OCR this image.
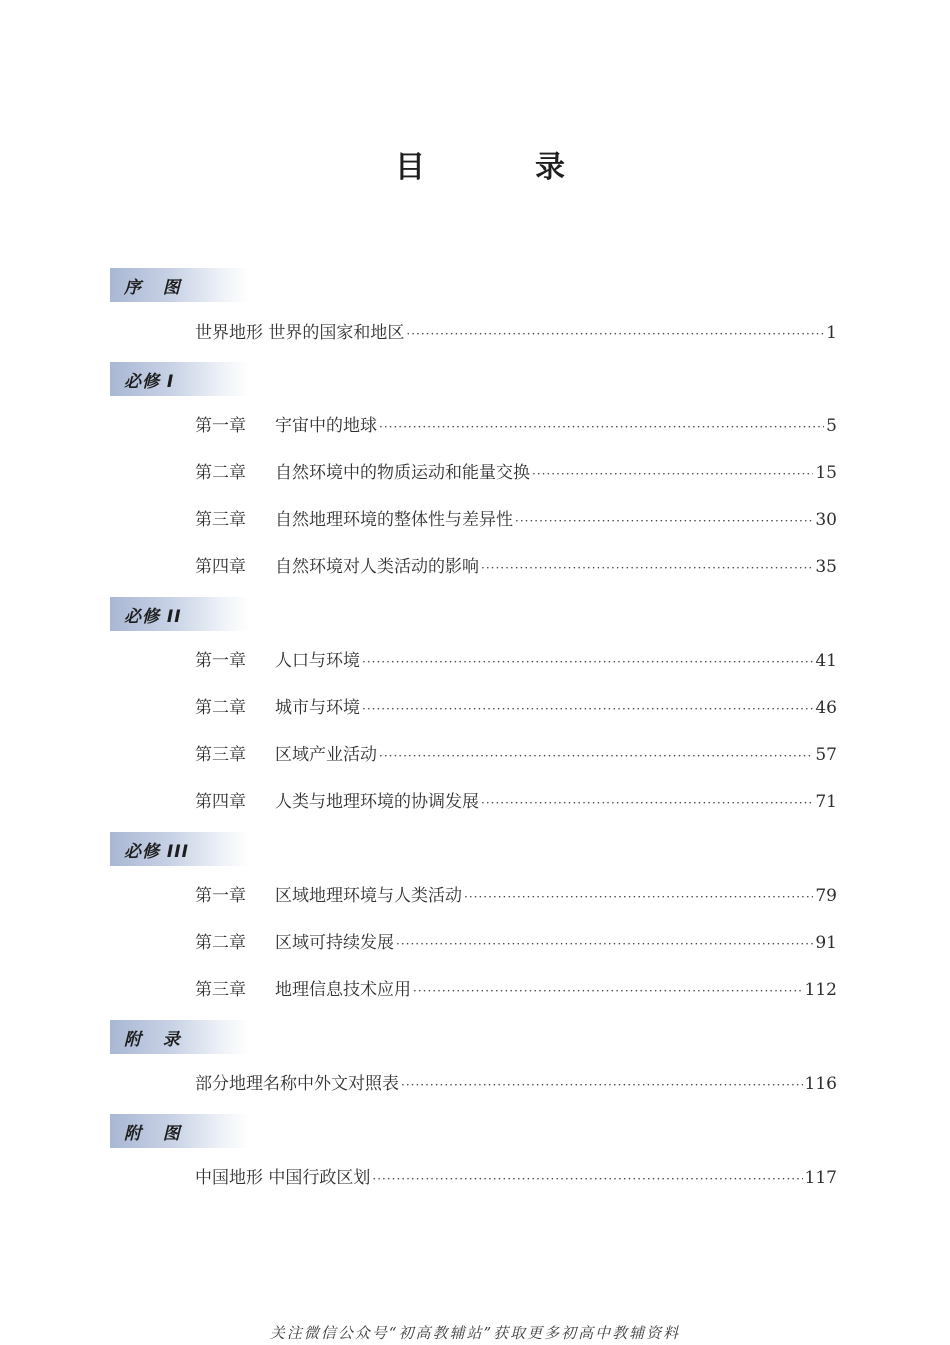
目	录
序   图
世界地形 世界的国家和地区 ·····	1
必修 I
第一章	宇宙中的地球 ·····	5
第二章	自然环境中的物质运动和能量交换 ·····	15
第三章	自然地理环境的整体性与差异性 ·····	30
第四章	自然环境对人类活动的影响 ·····	35
必修 II
第一章	人口与环境 ·····	41
第二章	城市与环境 ·····	46
第三章	区域产业活动 ·····	57
第四章	人类与地理环境的协调发展 ·····	71
必修 III
第一章	区域地理环境与人类活动 ·····	79
第二章	区域可持续发展 ·····	91
第三章	地理信息技术应用 ·····	112
附   录
部分地理名称中外文对照表 ·····	116
附   图
中国地形 中国行政区划 ·····	117
关注微信公众号“初高教辅站”获取更多初高中教辅资料
